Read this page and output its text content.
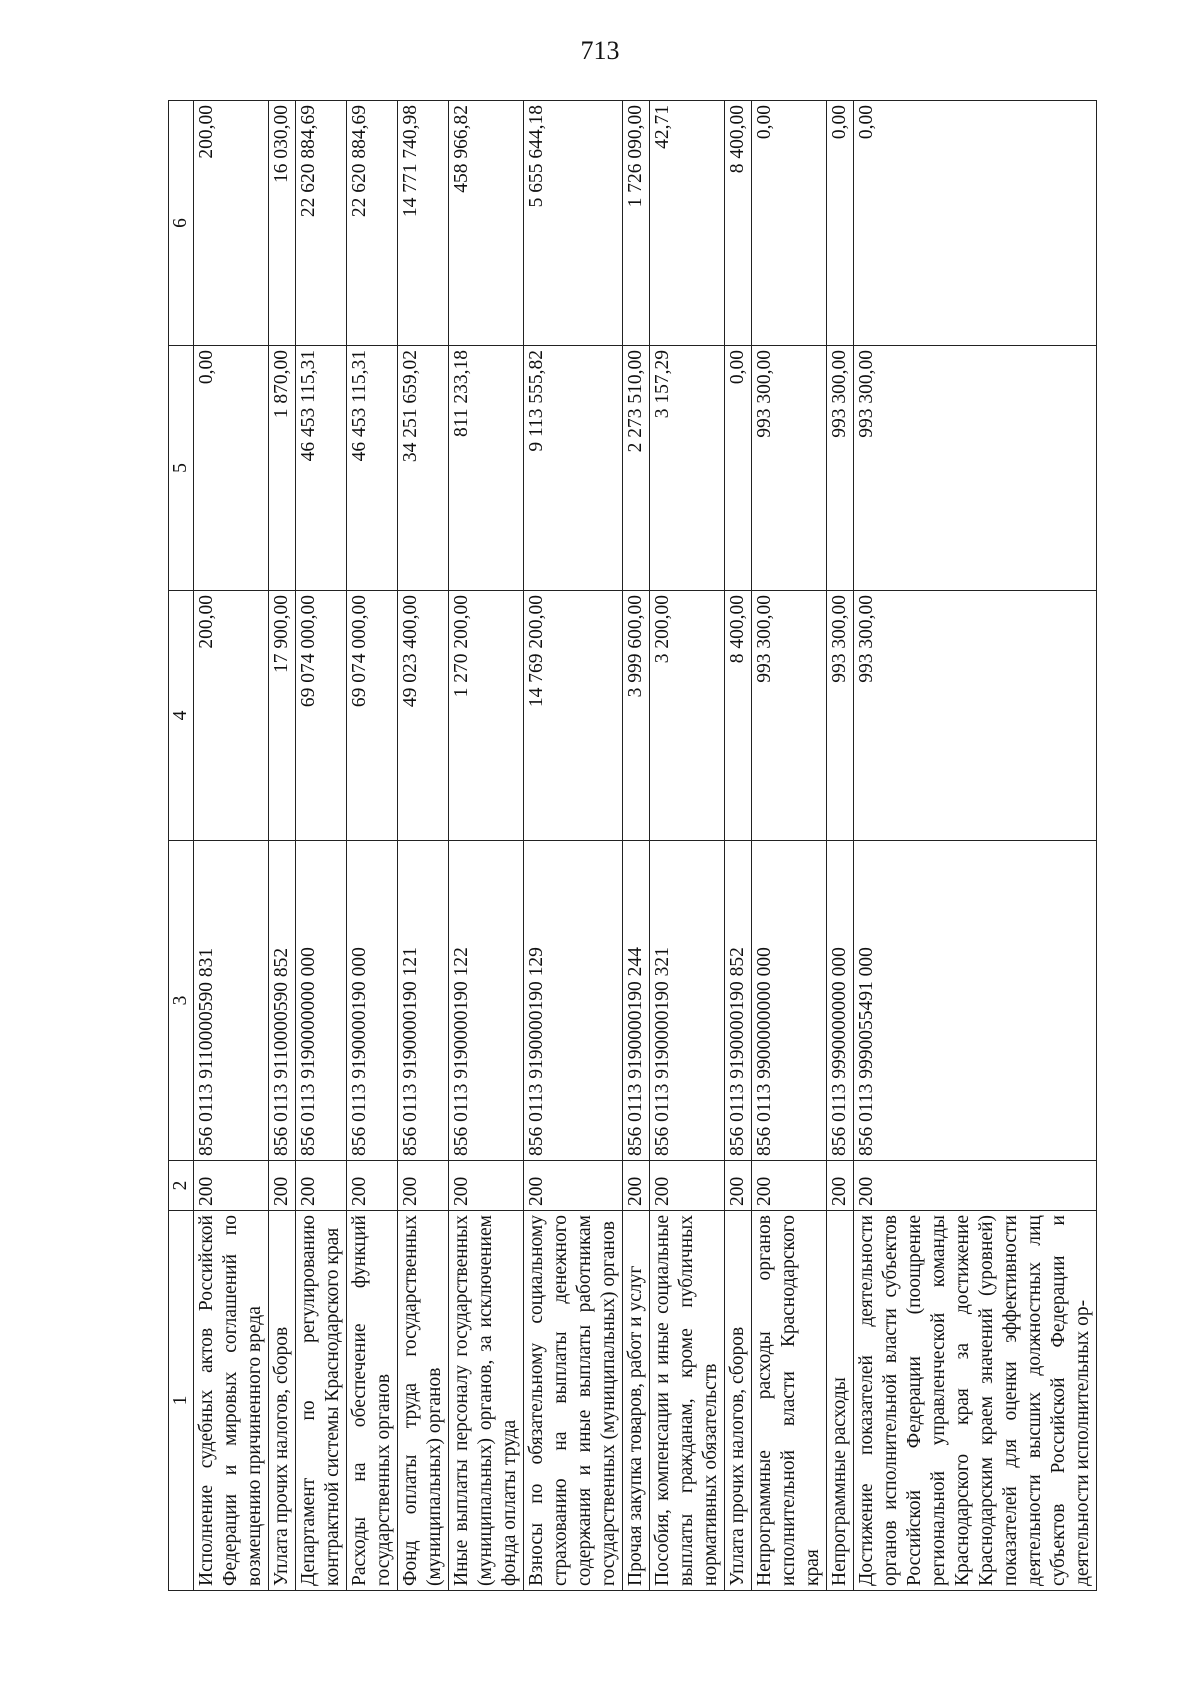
713
1	2	3	4	5	6
Исполнение судебных актов Российской Федерации и мировых соглашений по возмещению причиненного вреда	200	856 0113 9110000590 831	200,00	0,00	200,00
Уплата прочих налогов, сборов	200	856 0113 9110000590 852	17 900,00	1 870,00	16 030,00
Департамент по регулированию контрактной системы Краснодарского края	200	856 0113 9190000000 000	69 074 000,00	46 453 115,31	22 620 884,69
Расходы на обеспечение функций государственных органов	200	856 0113 9190000190 000	69 074 000,00	46 453 115,31	22 620 884,69
Фонд оплаты труда государственных (муниципальных) органов	200	856 0113 9190000190 121	49 023 400,00	34 251 659,02	14 771 740,98
Иные выплаты персоналу государственных (муниципальных) органов, за исключением фонда оплаты труда	200	856 0113 9190000190 122	1 270 200,00	811 233,18	458 966,82
Взносы по обязательному социальному страхованию на выплаты денежного содержания и иные выплаты работникам государственных (муниципальных) органов	200	856 0113 9190000190 129	14 769 200,00	9 113 555,82	5 655 644,18
Прочая закупка товаров, работ и услуг	200	856 0113 9190000190 244	3 999 600,00	2 273 510,00	1 726 090,00
Пособия, компенсации и иные социальные выплаты гражданам, кроме публичных нормативных обязательств	200	856 0113 9190000190 321	3 200,00	3 157,29	42,71
Уплата прочих налогов, сборов	200	856 0113 9190000190 852	8 400,00	0,00	8 400,00
Непрограммные расходы органов исполнительной власти Краснодарского края	200	856 0113 9900000000 000	993 300,00	993 300,00	0,00
Непрограммные расходы	200	856 0113 9990000000 000	993 300,00	993 300,00	0,00
Достижение показателей деятельности органов исполнительной власти субъектов Российской Федерации (поощрение региональной управленческой команды Краснодарского края за достижение Краснодарским краем значений (уровней) показателей для оценки эффективности деятельности высших должностных лиц субъектов Российской Федерации и деятельности исполнительных ор-	200	856 0113 9990055491 000	993 300,00	993 300,00	0,00
